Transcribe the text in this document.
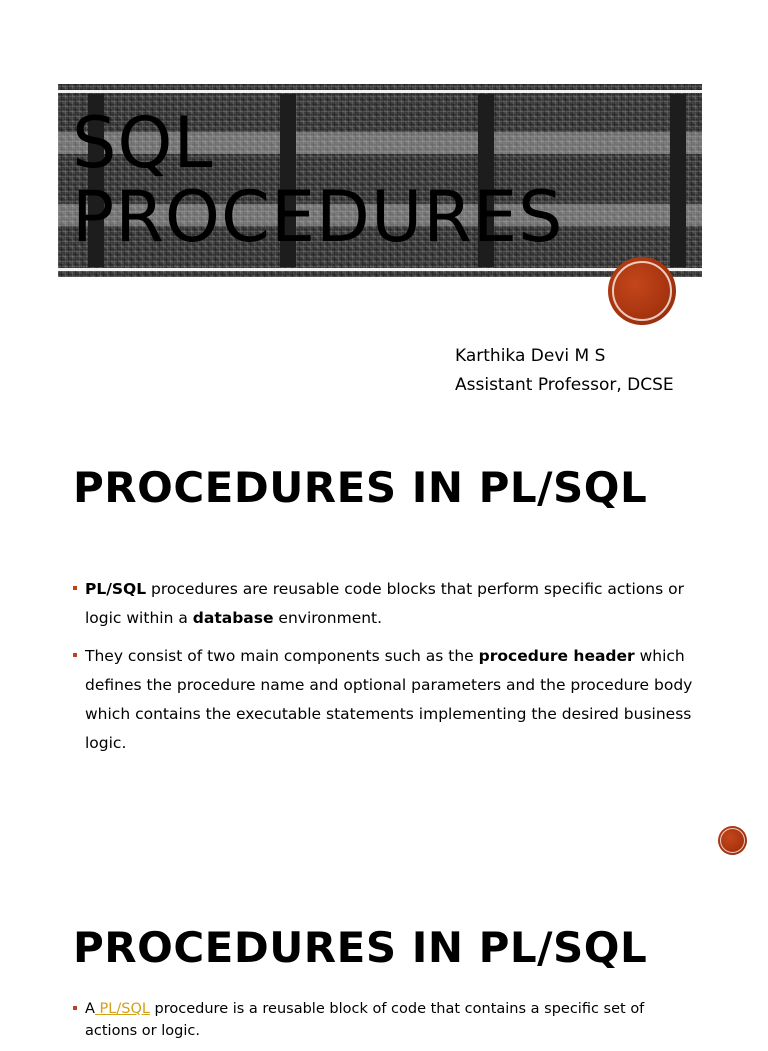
SQL
PROCEDURES
Karthika Devi M S
Assistant Professor, DCSE
PROCEDURES IN PL/SQL
PL/SQL procedures are reusable code blocks that perform specific actions or logic within a database environment.
They consist of two main components such as the procedure header which defines the procedure name and optional parameters and the procedure body which contains the executable statements implementing the desired business logic.
PROCEDURES IN PL/SQL
A PL/SQL procedure is a reusable block of code that contains a specific set of actions or logic.
